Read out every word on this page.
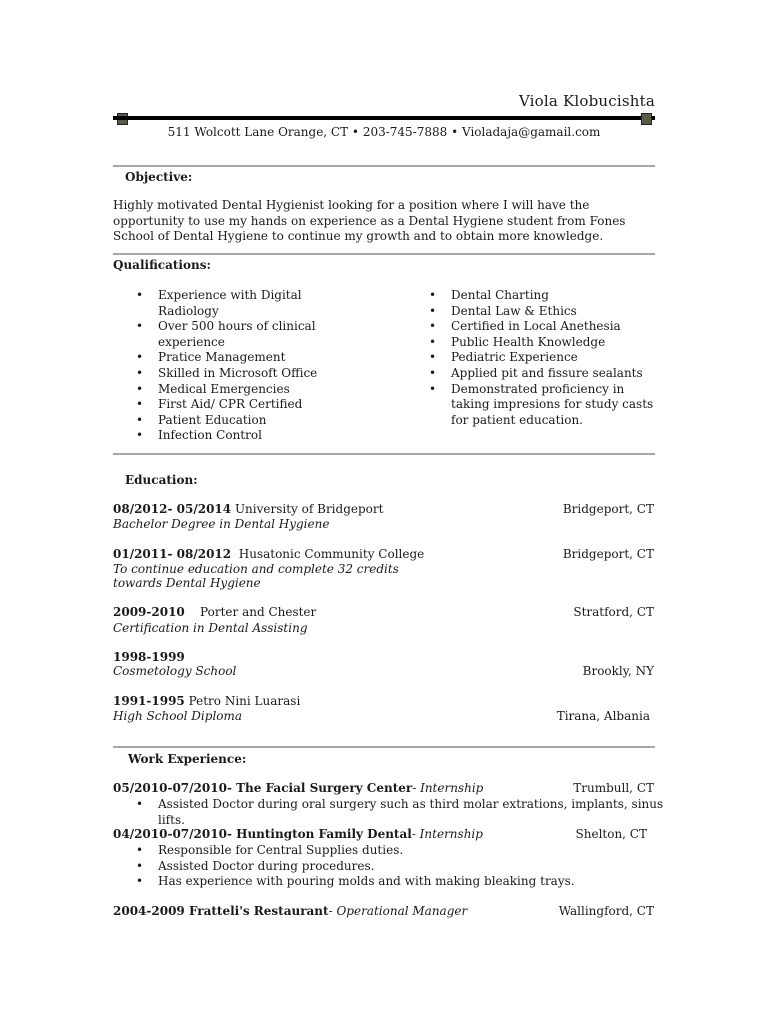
Viola Klobucishta
511 Wolcott Lane Orange, CT • 203-745-7888 • Violadaja@gamail.com
Objective:
Highly motivated Dental Hygienist looking for a position where I will have the opportunity to use my hands on experience as a Dental Hygiene student from Fones School of Dental Hygiene to continue my growth and to obtain more knowledge.
Qualifications:
• Experience with Digital Radiology
• Over 500 hours of clinical experience
• Pratice Management
• Skilled in Microsoft Office
• Medical Emergencies
• First Aid/ CPR Certified
• Patient Education
• Infection Control
• Dental Charting
• Dental Law & Ethics
• Certified in Local Anethesia
• Public Health Knowledge
• Pediatric Experience
• Applied pit and fissure sealants
• Demonstrated proficiency in taking impresions for study casts for patient education.
Education:
08/2012- 05/2014 University of Bridgeport
Bachelor Degree in Dental Hygiene
Bridgeport, CT
01/2011- 08/2012  Husatonic Community College
To continue education and complete 32 credits
towards Dental Hygiene
Bridgeport, CT
2009-2010    Porter and Chester
Certification in Dental Assisting
Stratford, CT
1998-1999
Cosmetology School	Brookly, NY
1991-1995 Petro Nini Luarasi
High School Diploma	Tirana, Albania
Work Experience:
05/2010-07/2010- The Facial Surgery Center- Internship	Trumbull, CT
• Assisted Doctor during oral surgery such as third molar extrations, implants, sinus lifts.
04/2010-07/2010- Huntington Family Dental- Internship	Shelton, CT
• Responsible for Central Supplies duties.
• Assisted Doctor during procedures.
• Has experience with pouring molds and with making bleaking trays.
2004-2009 Fratteli's Restaurant- Operational Manager	Wallingford, CT
